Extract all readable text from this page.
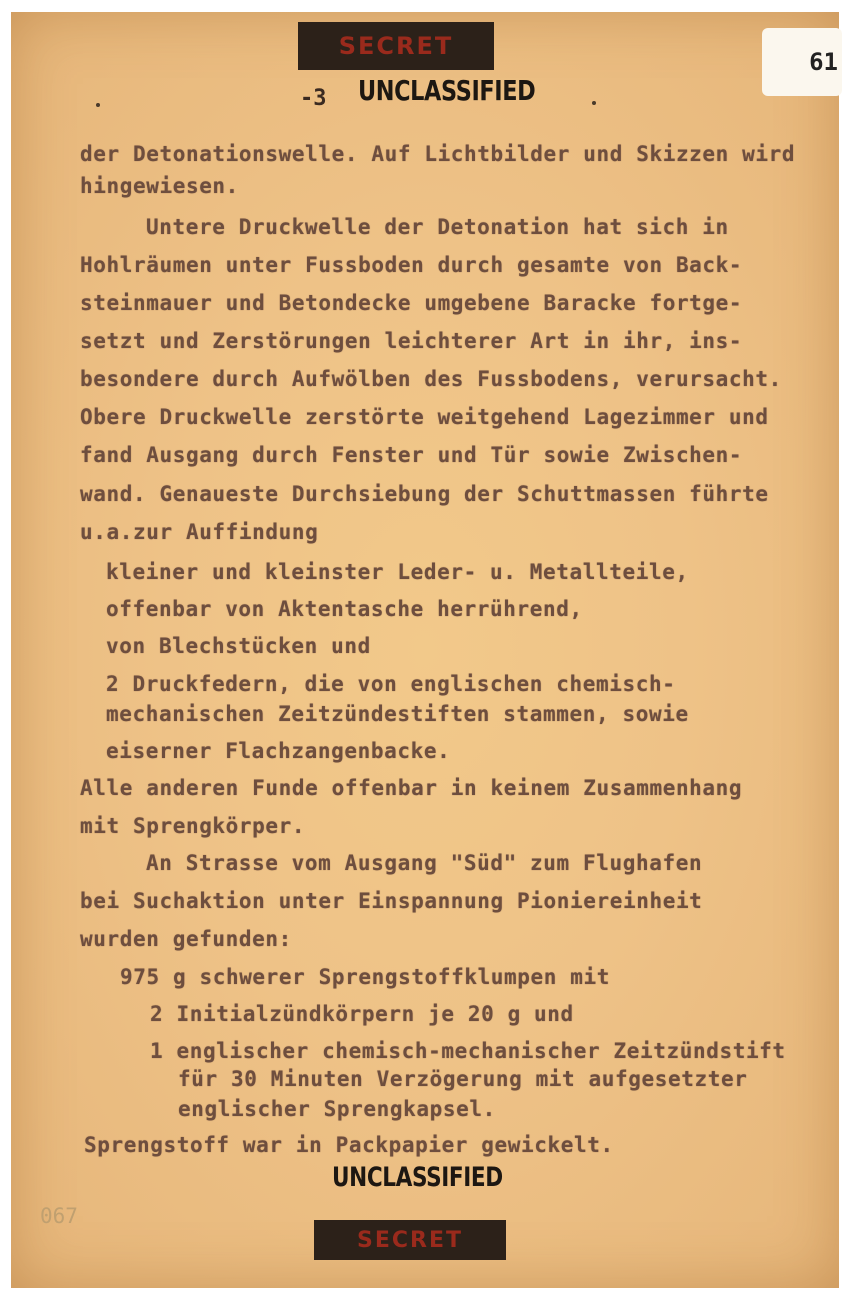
61
SECRET
-3 UNCLASSIFIED
der Detonationswelle. Auf Lichtbilder und Skizzen wird
hingewiesen.
Untere Druckwelle der Detonation hat sich in
Hohlräumen unter Fussboden durch gesamte von Back-
steinmauer und Betondecke umgebene Baracke fortge-
setzt und Zerstörungen leichterer Art in ihr, ins-
besondere durch Aufwölben des Fussbodens, verursacht.
Obere Druckwelle zerstörte weitgehend Lagezimmer und
fand Ausgang durch Fenster und Tür sowie Zwischen-
wand. Genaueste Durchsiebung der Schuttmassen führte
u.a.zur Auffindung
kleiner und kleinster Leder- u. Metallteile,
offenbar von Aktentasche herrührend,
von Blechstücken und
2 Druckfedern, die von englischen chemisch-
mechanischen Zeitzündestiften stammen, sowie
eiserner Flachzangenbacke.
Alle anderen Funde offenbar in keinem Zusammenhang
mit Sprengkörper.
An Strasse vom Ausgang "Süd" zum Flughafen
bei Suchaktion unter Einspannung Pioniereinheit
wurden gefunden:
975 g schwerer Sprengstoffklumpen mit
2 Initialzündkörpern je 20 g und
1 englischer chemisch-mechanischer Zeitzündstift
für 30 Minuten Verzögerung mit aufgesetzter
englischer Sprengkapsel.
Sprengstoff war in Packpapier gewickelt.
UNCLASSIFIED
067
SECRET
